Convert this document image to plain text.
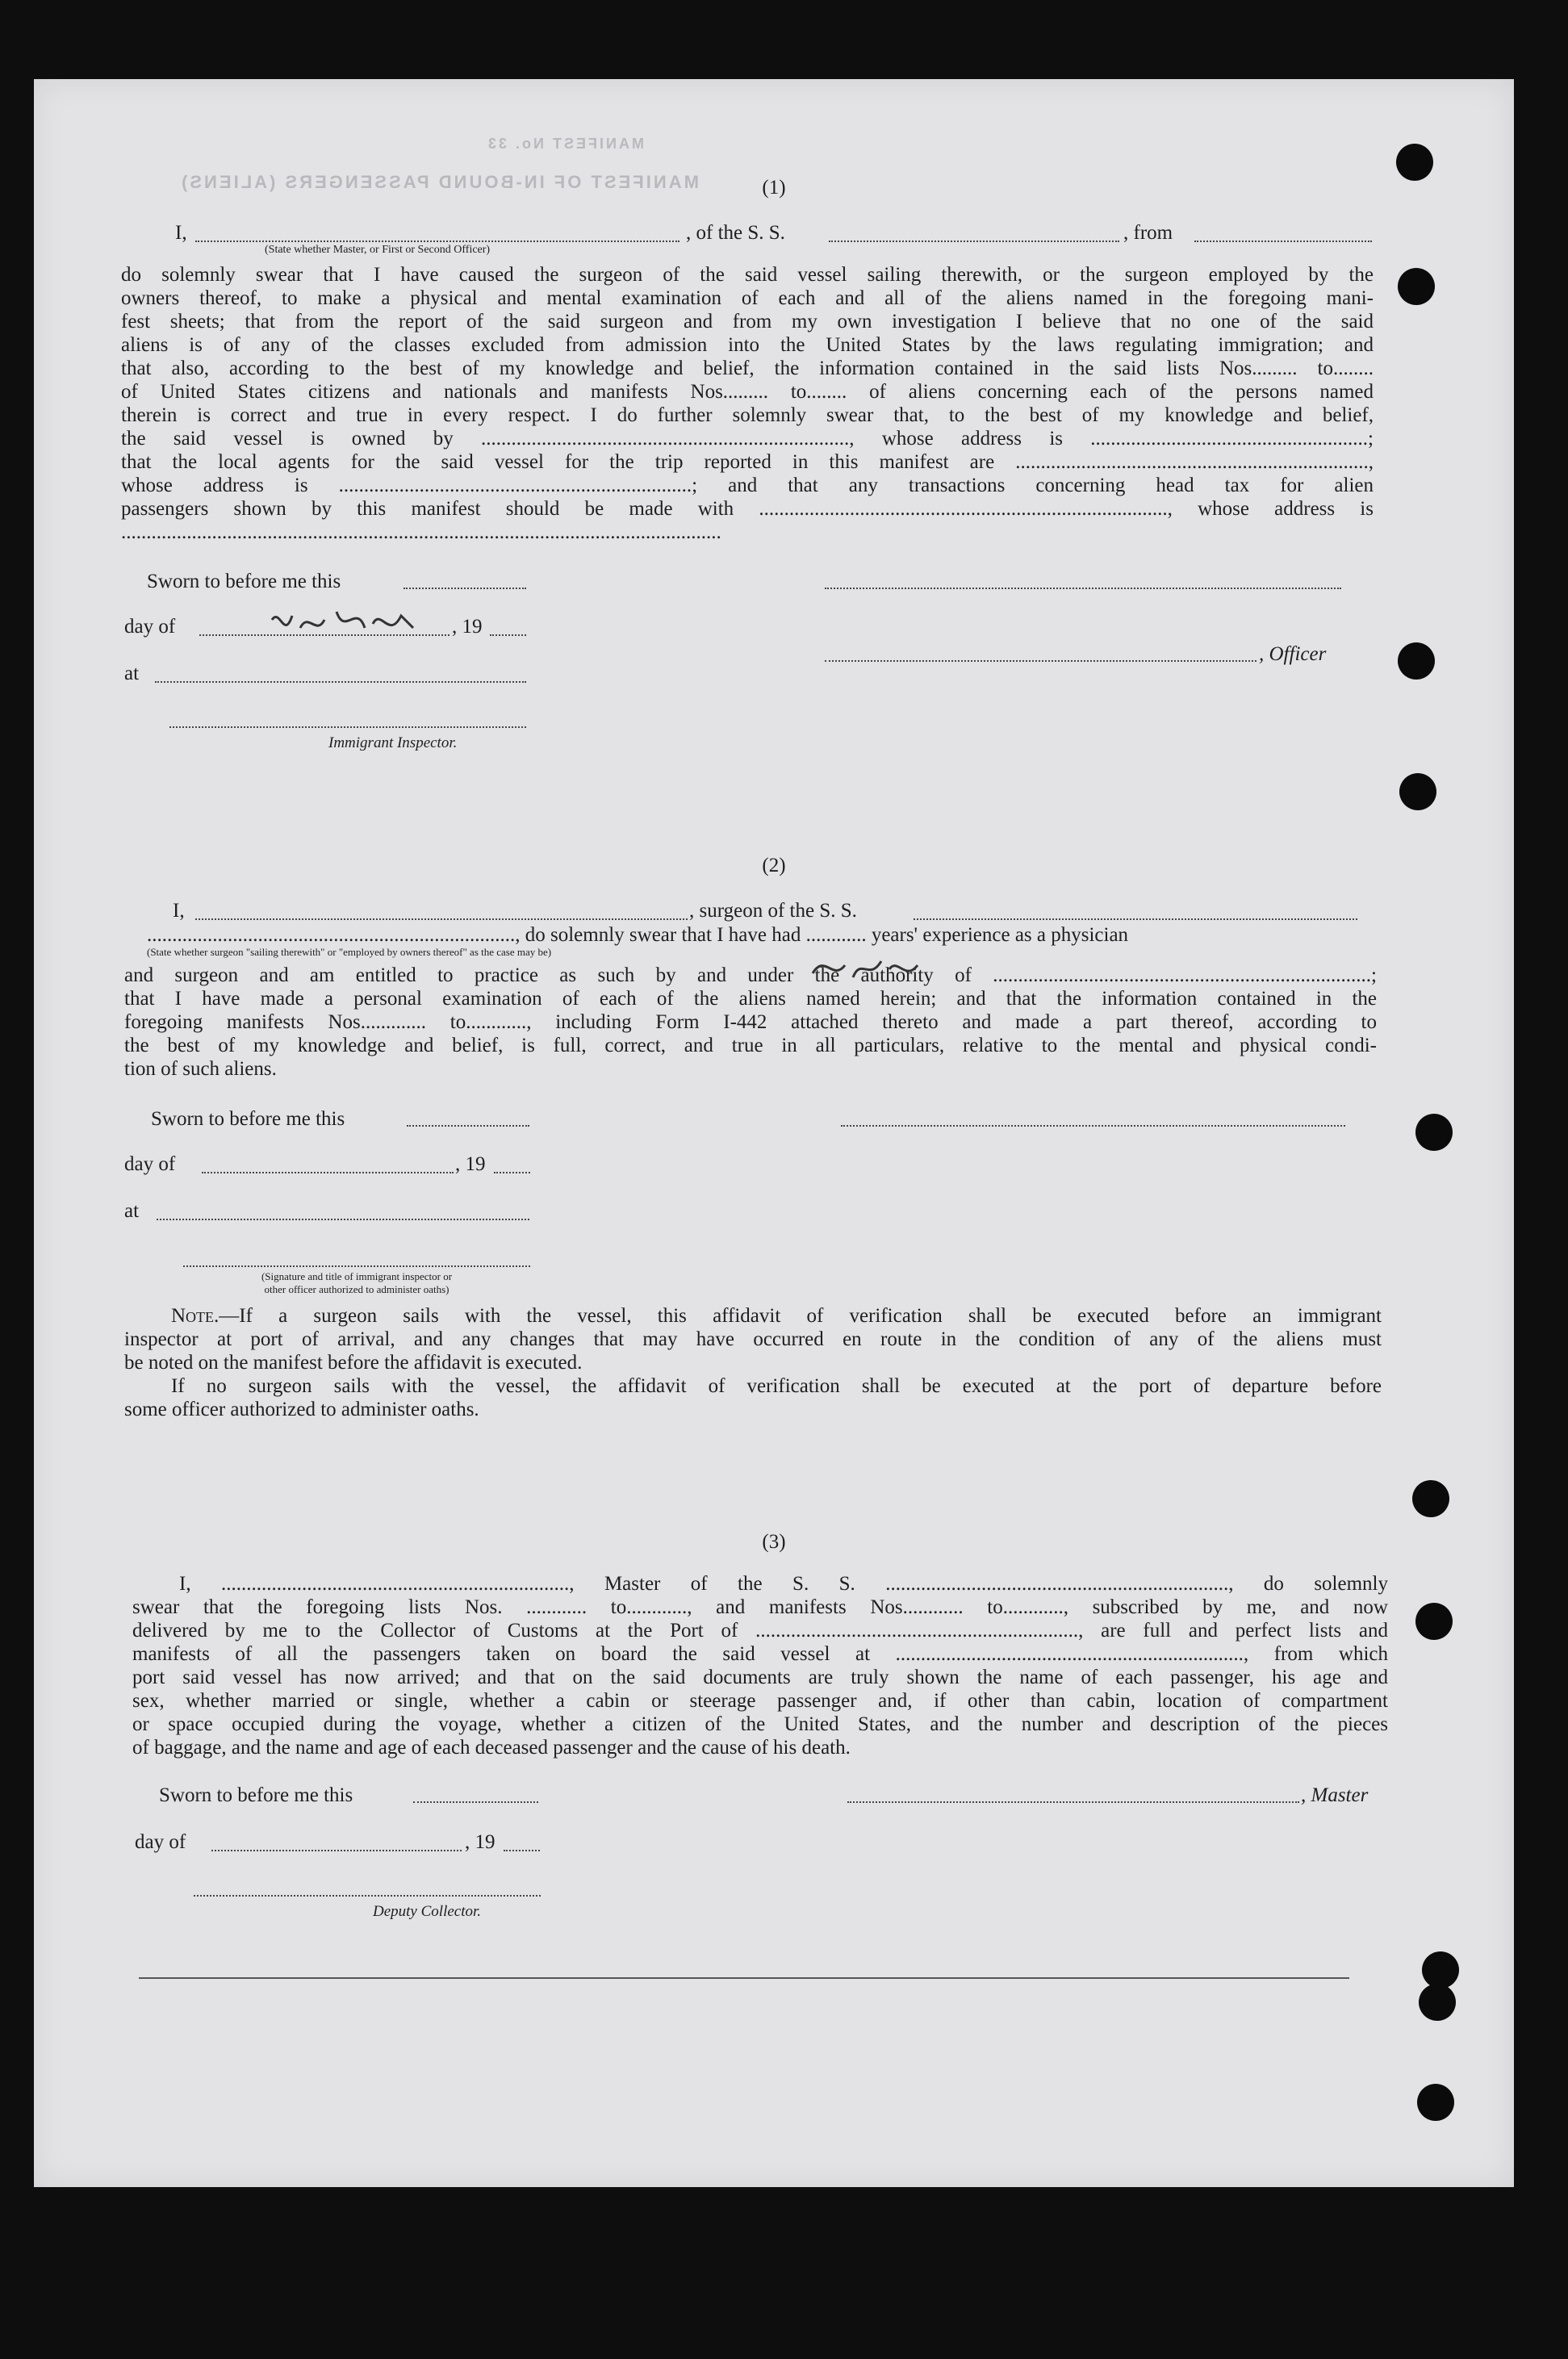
MANIFEST OF IN-BOUND PASSENGERS (ALIENS)
MANIFEST No. 33
(1)
I,	, of the S. S.	, from
(State whether Master, or First or Second Officer)
do solemnly swear that I have caused the surgeon of the said vessel sailing therewith, or the surgeon employed by the
owners thereof, to make a physical and mental examination of each and all of the aliens named in the foregoing mani-
fest sheets; that from the report of the said surgeon and from my own investigation I believe that no one of the said
aliens is of any of the classes excluded from admission into the United States by the laws regulating immigration; and
that also, according to the best of my knowledge and belief, the information contained in the said lists Nos......... to........
of United States citizens and nationals and manifests Nos......... to........ of aliens concerning each of the persons named
therein is correct and true in every respect. I do further solemnly swear that, to the best of my knowledge and belief,
the said vessel is owned by ........................................................................., whose address is .......................................................;
that the local agents for the said vessel for the trip reported in this manifest are ......................................................................,
whose address is ......................................................................; and that any transactions concerning head tax for alien
passengers shown by this manifest should be made with ................................................................................., whose address is
.......................................................................................................................
Sworn to before me this
day of	, 19
, Officer
at
Immigrant Inspector.
(2)
I,	, surgeon of the S. S.
........................................................................., do solemnly swear that I have had ............ years' experience as a physician
(State whether surgeon "sailing therewith" or "employed by owners thereof" as the case may be)
and surgeon and am entitled to practice as such by and under the authority of ...........................................................................;
that I have made a personal examination of each of the aliens named herein; and that the information contained in the
foregoing manifests Nos............. to............, including Form I-442 attached thereto and made a part thereof, according to
the best of my knowledge and belief, is full, correct, and true in all particulars, relative to the mental and physical condi-
tion of such aliens.
Sworn to before me this
day of	, 19
at
(Signature and title of immigrant inspector or
other officer authorized to administer oaths)
Note.—If a surgeon sails with the vessel, this affidavit of verification shall be executed before an immigrant
inspector at port of arrival, and any changes that may have occurred en route in the condition of any of the aliens must
be noted on the manifest before the affidavit is executed.
If no surgeon sails with the vessel, the affidavit of verification shall be executed at the port of departure before
some officer authorized to administer oaths.
(3)
I, ....................................................................., Master of the S. S. ...................................................................., do solemnly
swear that the foregoing lists Nos. ............ to............, and manifests Nos............ to............, subscribed by me, and now
delivered by me to the Collector of Customs at the Port of ................................................................, are full and perfect lists and
manifests of all the passengers taken on board the said vessel at ....................................................................., from which
port said vessel has now arrived; and that on the said documents are truly shown the name of each passenger, his age and
sex, whether married or single, whether a cabin or steerage passenger and, if other than cabin, location of compartment
or space occupied during the voyage, whether a citizen of the United States, and the number and description of the pieces
of baggage, and the name and age of each deceased passenger and the cause of his death.
Sworn to before me this	, Master
day of	, 19
Deputy Collector.
